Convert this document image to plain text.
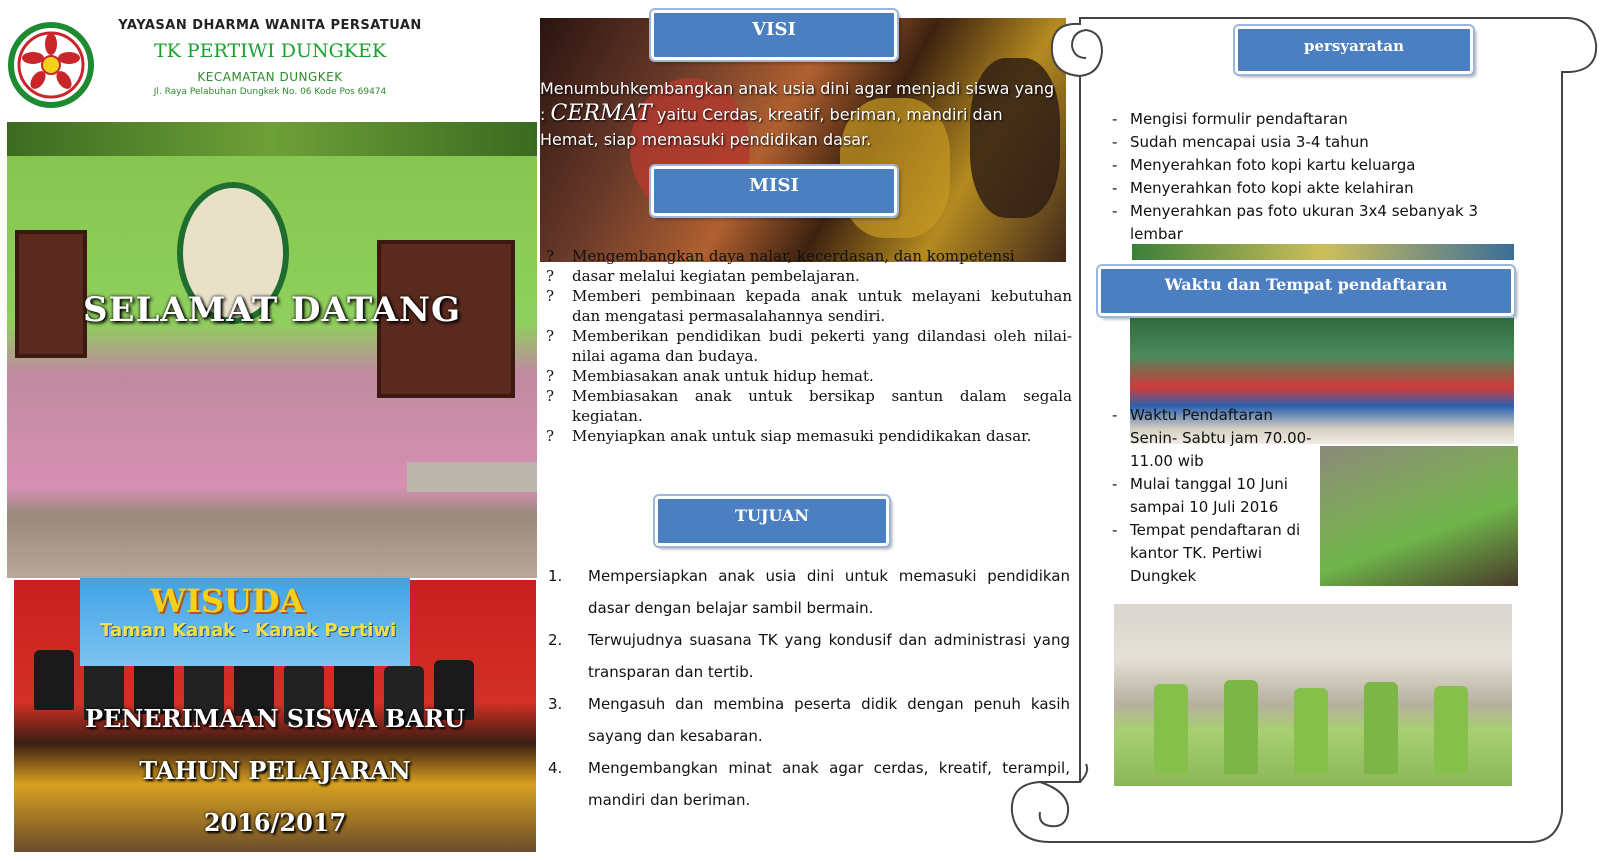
YAYASAN DHARMA WANITA PERSATUAN
TK PERTIWI DUNGKEK
KECAMATAN DUNGKEK
Jl. Raya Pelabuhan Dungkek No. 06 Kode Pos 69474
SELAMAT DATANG
WISUDA
Taman Kanak - Kanak Pertiwi
PENERIMAAN SISWA BARU
TAHUN PELAJARAN
2016/2017
VISI
Menumbuhkembangkan anak usia dini agar menjadi siswa yang : CERMAT yaitu Cerdas, kreatif, beriman, mandiri dan Hemat, siap memasuki pendidikan dasar.
MISI
?	Mengembangkan daya nalar, kecerdasan, dan kompetensi
?	dasar melalui kegiatan pembelajaran.
?	Memberi pembinaan kepada anak untuk melayani kebutuhan dan mengatasi permasalahannya sendiri.
?	Memberikan pendidikan budi pekerti yang dilandasi oleh nilai-nilai agama dan budaya.
?	Membiasakan anak untuk hidup hemat.
?	Membiasakan anak untuk bersikap santun dalam segala kegiatan.
?	Menyiapkan anak untuk siap memasuki pendidikakan dasar.
TUJUAN
1.	Mempersiapkan anak usia dini untuk memasuki pendidikan dasar dengan belajar sambil bermain.
2.	Terwujudnya suasana TK yang kondusif dan administrasi yang transparan dan tertib.
3.	Mengasuh dan membina peserta didik dengan penuh kasih sayang dan kesabaran.
4.	Mengembangkan minat anak agar cerdas, kreatif, terampil, mandiri dan beriman.
persyaratan
- Mengisi formulir pendaftaran
- Sudah mencapai usia 3-4 tahun
- Menyerahkan foto kopi kartu keluarga
- Menyerahkan foto kopi akte kelahiran
- Menyerahkan pas foto ukuran 3x4 sebanyak 3 lembar
Waktu dan Tempat pendaftaran
- Waktu Pendaftaran Senin- Sabtu jam 70.00-11.00 wib
- Mulai tanggal 10 Juni sampai 10 Juli 2016
- Tempat pendaftaran di kantor TK. Pertiwi Dungkek
